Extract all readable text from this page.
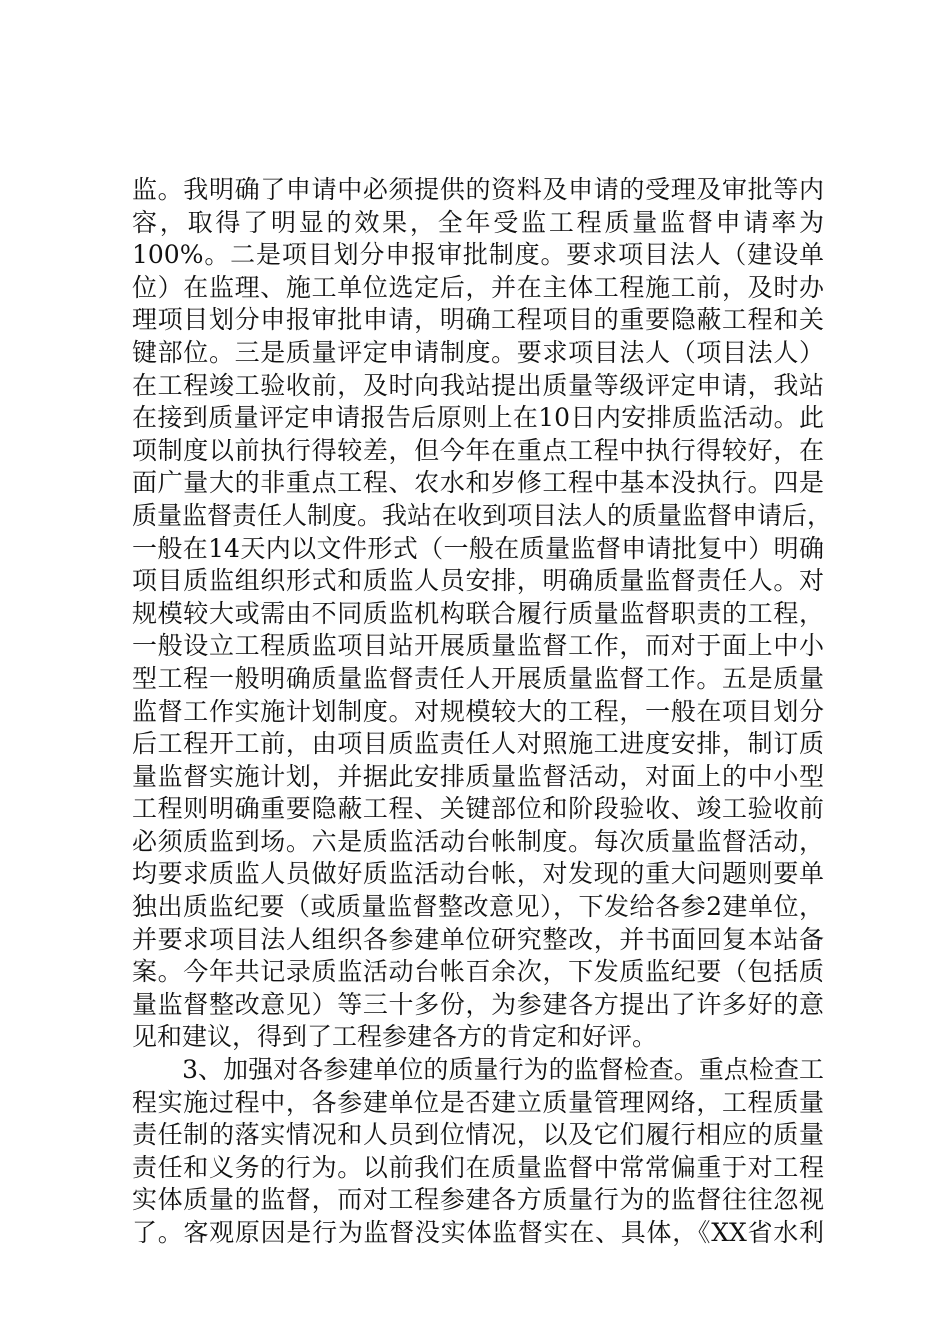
监。我明确了申请中必须提供的资料及申请的受理及审批等内
容，取得了明显的效果，全年受监工程质量监督申请率为
100%。二是项目划分申报审批制度。要求项目法人（建设单
位）在监理、施工单位选定后，并在主体工程施工前，及时办
理项目划分申报审批申请，明确工程项目的重要隐蔽工程和关
键部位。三是质量评定申请制度。要求项目法人（项目法人）
在工程竣工验收前，及时向我站提出质量等级评定申请，我站
在接到质量评定申请报告后原则上在10日内安排质监活动。此
项制度以前执行得较差，但今年在重点工程中执行得较好，在
面广量大的非重点工程、农水和岁修工程中基本没执行。四是
质量监督责任人制度。我站在收到项目法人的质量监督申请后，
一般在14天内以文件形式（一般在质量监督申请批复中）明确
项目质监组织形式和质监人员安排，明确质量监督责任人。对
规模较大或需由不同质监机构联合履行质量监督职责的工程，
一般设立工程质监项目站开展质量监督工作，而对于面上中小
型工程一般明确质量监督责任人开展质量监督工作。五是质量
监督工作实施计划制度。对规模较大的工程，一般在项目划分
后工程开工前，由项目质监责任人对照施工进度安排，制订质
量监督实施计划，并据此安排质量监督活动，对面上的中小型
工程则明确重要隐蔽工程、关键部位和阶段验收、竣工验收前
必须质监到场。六是质监活动台帐制度。每次质量监督活动，
均要求质监人员做好质监活动台帐，对发现的重大问题则要单
独出质监纪要（或质量监督整改意见），下发给各参2建单位，
并要求项目法人组织各参建单位研究整改，并书面回复本站备
案。今年共记录质监活动台帐百余次，下发质监纪要（包括质
量监督整改意见）等三十多份，为参建各方提出了许多好的意
见和建议，得到了工程参建各方的肯定和好评。
　　3、加强对各参建单位的质量行为的监督检查。重点检查工
程实施过程中，各参建单位是否建立质量管理网络，工程质量
责任制的落实情况和人员到位情况，以及它们履行相应的质量
责任和义务的行为。以前我们在质量监督中常常偏重于对工程
实体质量的监督，而对工程参建各方质量行为的监督往往忽视
了。客观原因是行为监督没实体监督实在、具体，《XX省水利
